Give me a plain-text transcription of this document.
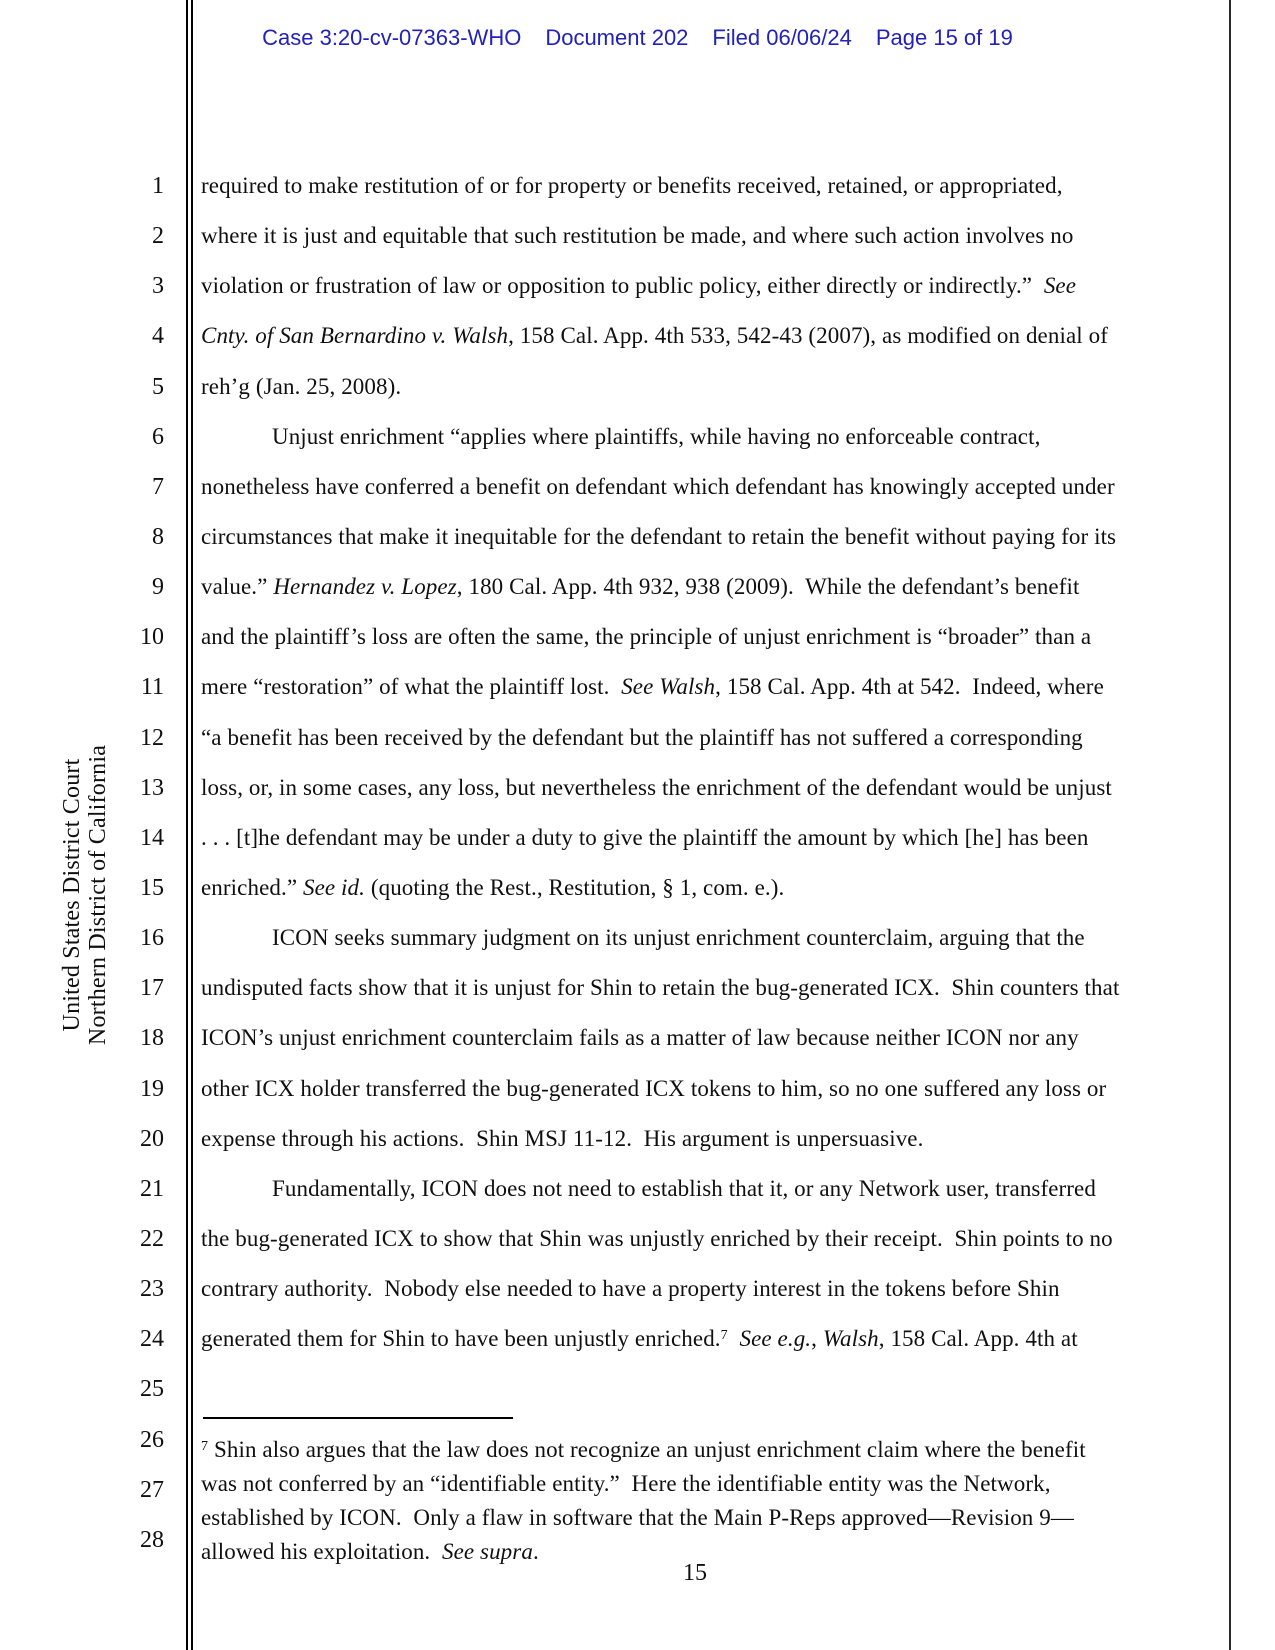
Case 3:20-cv-07363-WHO Document 202 Filed 06/06/24 Page 15 of 19
United States District Court Northern District of California
1 required to make restitution of or for property or benefits received, retained, or appropriated,
2 where it is just and equitable that such restitution be made, and where such action involves no
3 violation or frustration of law or opposition to public policy, either directly or indirectly.”  See
4 Cnty. of San Bernardino v. Walsh, 158 Cal. App. 4th 533, 542-43 (2007), as modified on denial of
5 reh’g (Jan. 25, 2008).
6	Unjust enrichment “applies where plaintiffs, while having no enforceable contract,
7 nonetheless have conferred a benefit on defendant which defendant has knowingly accepted under
8 circumstances that make it inequitable for the defendant to retain the benefit without paying for its
9 value.” Hernandez v. Lopez, 180 Cal. App. 4th 932, 938 (2009).  While the defendant’s benefit
10 and the plaintiff’s loss are often the same, the principle of unjust enrichment is “broader” than a
11 mere “restoration” of what the plaintiff lost.  See Walsh, 158 Cal. App. 4th at 542.  Indeed, where
12 “a benefit has been received by the defendant but the plaintiff has not suffered a corresponding
13 loss, or, in some cases, any loss, but nevertheless the enrichment of the defendant would be unjust
14 . . . [t]he defendant may be under a duty to give the plaintiff the amount by which [he] has been
15 enriched.” See id. (quoting the Rest., Restitution, § 1, com. e.).
16	ICON seeks summary judgment on its unjust enrichment counterclaim, arguing that the
17 undisputed facts show that it is unjust for Shin to retain the bug-generated ICX.  Shin counters that
18 ICON’s unjust enrichment counterclaim fails as a matter of law because neither ICON nor any
19 other ICX holder transferred the bug-generated ICX tokens to him, so no one suffered any loss or
20 expense through his actions.  Shin MSJ 11-12.  His argument is unpersuasive.
21	Fundamentally, ICON does not need to establish that it, or any Network user, transferred
22 the bug-generated ICX to show that Shin was unjustly enriched by their receipt.  Shin points to no
23 contrary authority.  Nobody else needed to have a property interest in the tokens before Shin
24 generated them for Shin to have been unjustly enriched.$^7$ See e.g., Walsh, 158 Cal. App. 4th at
25
26
27
28
$^7$ Shin also argues that the law does not recognize an unjust enrichment claim where the benefit
was not conferred by an “identifiable entity.”  Here the identifiable entity was the Network,
established by ICON.  Only a flaw in software that the Main P-Reps approved—Revision 9—
allowed his exploitation.  See supra.
15
